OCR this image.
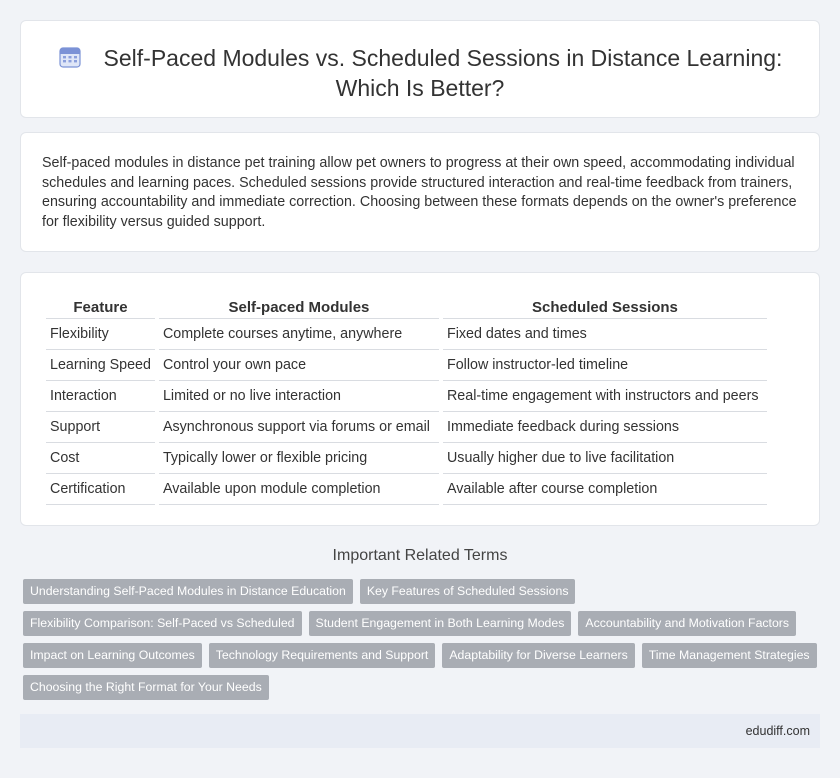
Self-Paced Modules vs. Scheduled Sessions in Distance Learning:
Which Is Better?

Self-paced modules in distance pet training allow pet owners to progress at their own speed, accommodating individual schedules and learning paces. Scheduled sessions provide structured interaction and real-time feedback from trainers, ensuring accountability and immediate correction. Choosing between these formats depends on the owner's preference for flexibility versus guided support.

Feature	Self-paced Modules	Scheduled Sessions
Flexibility	Complete courses anytime, anywhere	Fixed dates and times
Learning Speed	Control your own pace	Follow instructor-led timeline
Interaction	Limited or no live interaction	Real-time engagement with instructors and peers
Support	Asynchronous support via forums or email	Immediate feedback during sessions
Cost	Typically lower or flexible pricing	Usually higher due to live facilitation
Certification	Available upon module completion	Available after course completion
Important Related Terms
Understanding Self-Paced Modules in Distance Education	Key Features of Scheduled Sessions
Flexibility Comparison: Self-Paced vs Scheduled	Student Engagement in Both Learning Modes	Accountability and Motivation Factors
Impact on Learning Outcomes	Technology Requirements and Support	Adaptability for Diverse Learners	Time Management Strategies
Choosing the Right Format for Your Needs
edudiff.com
